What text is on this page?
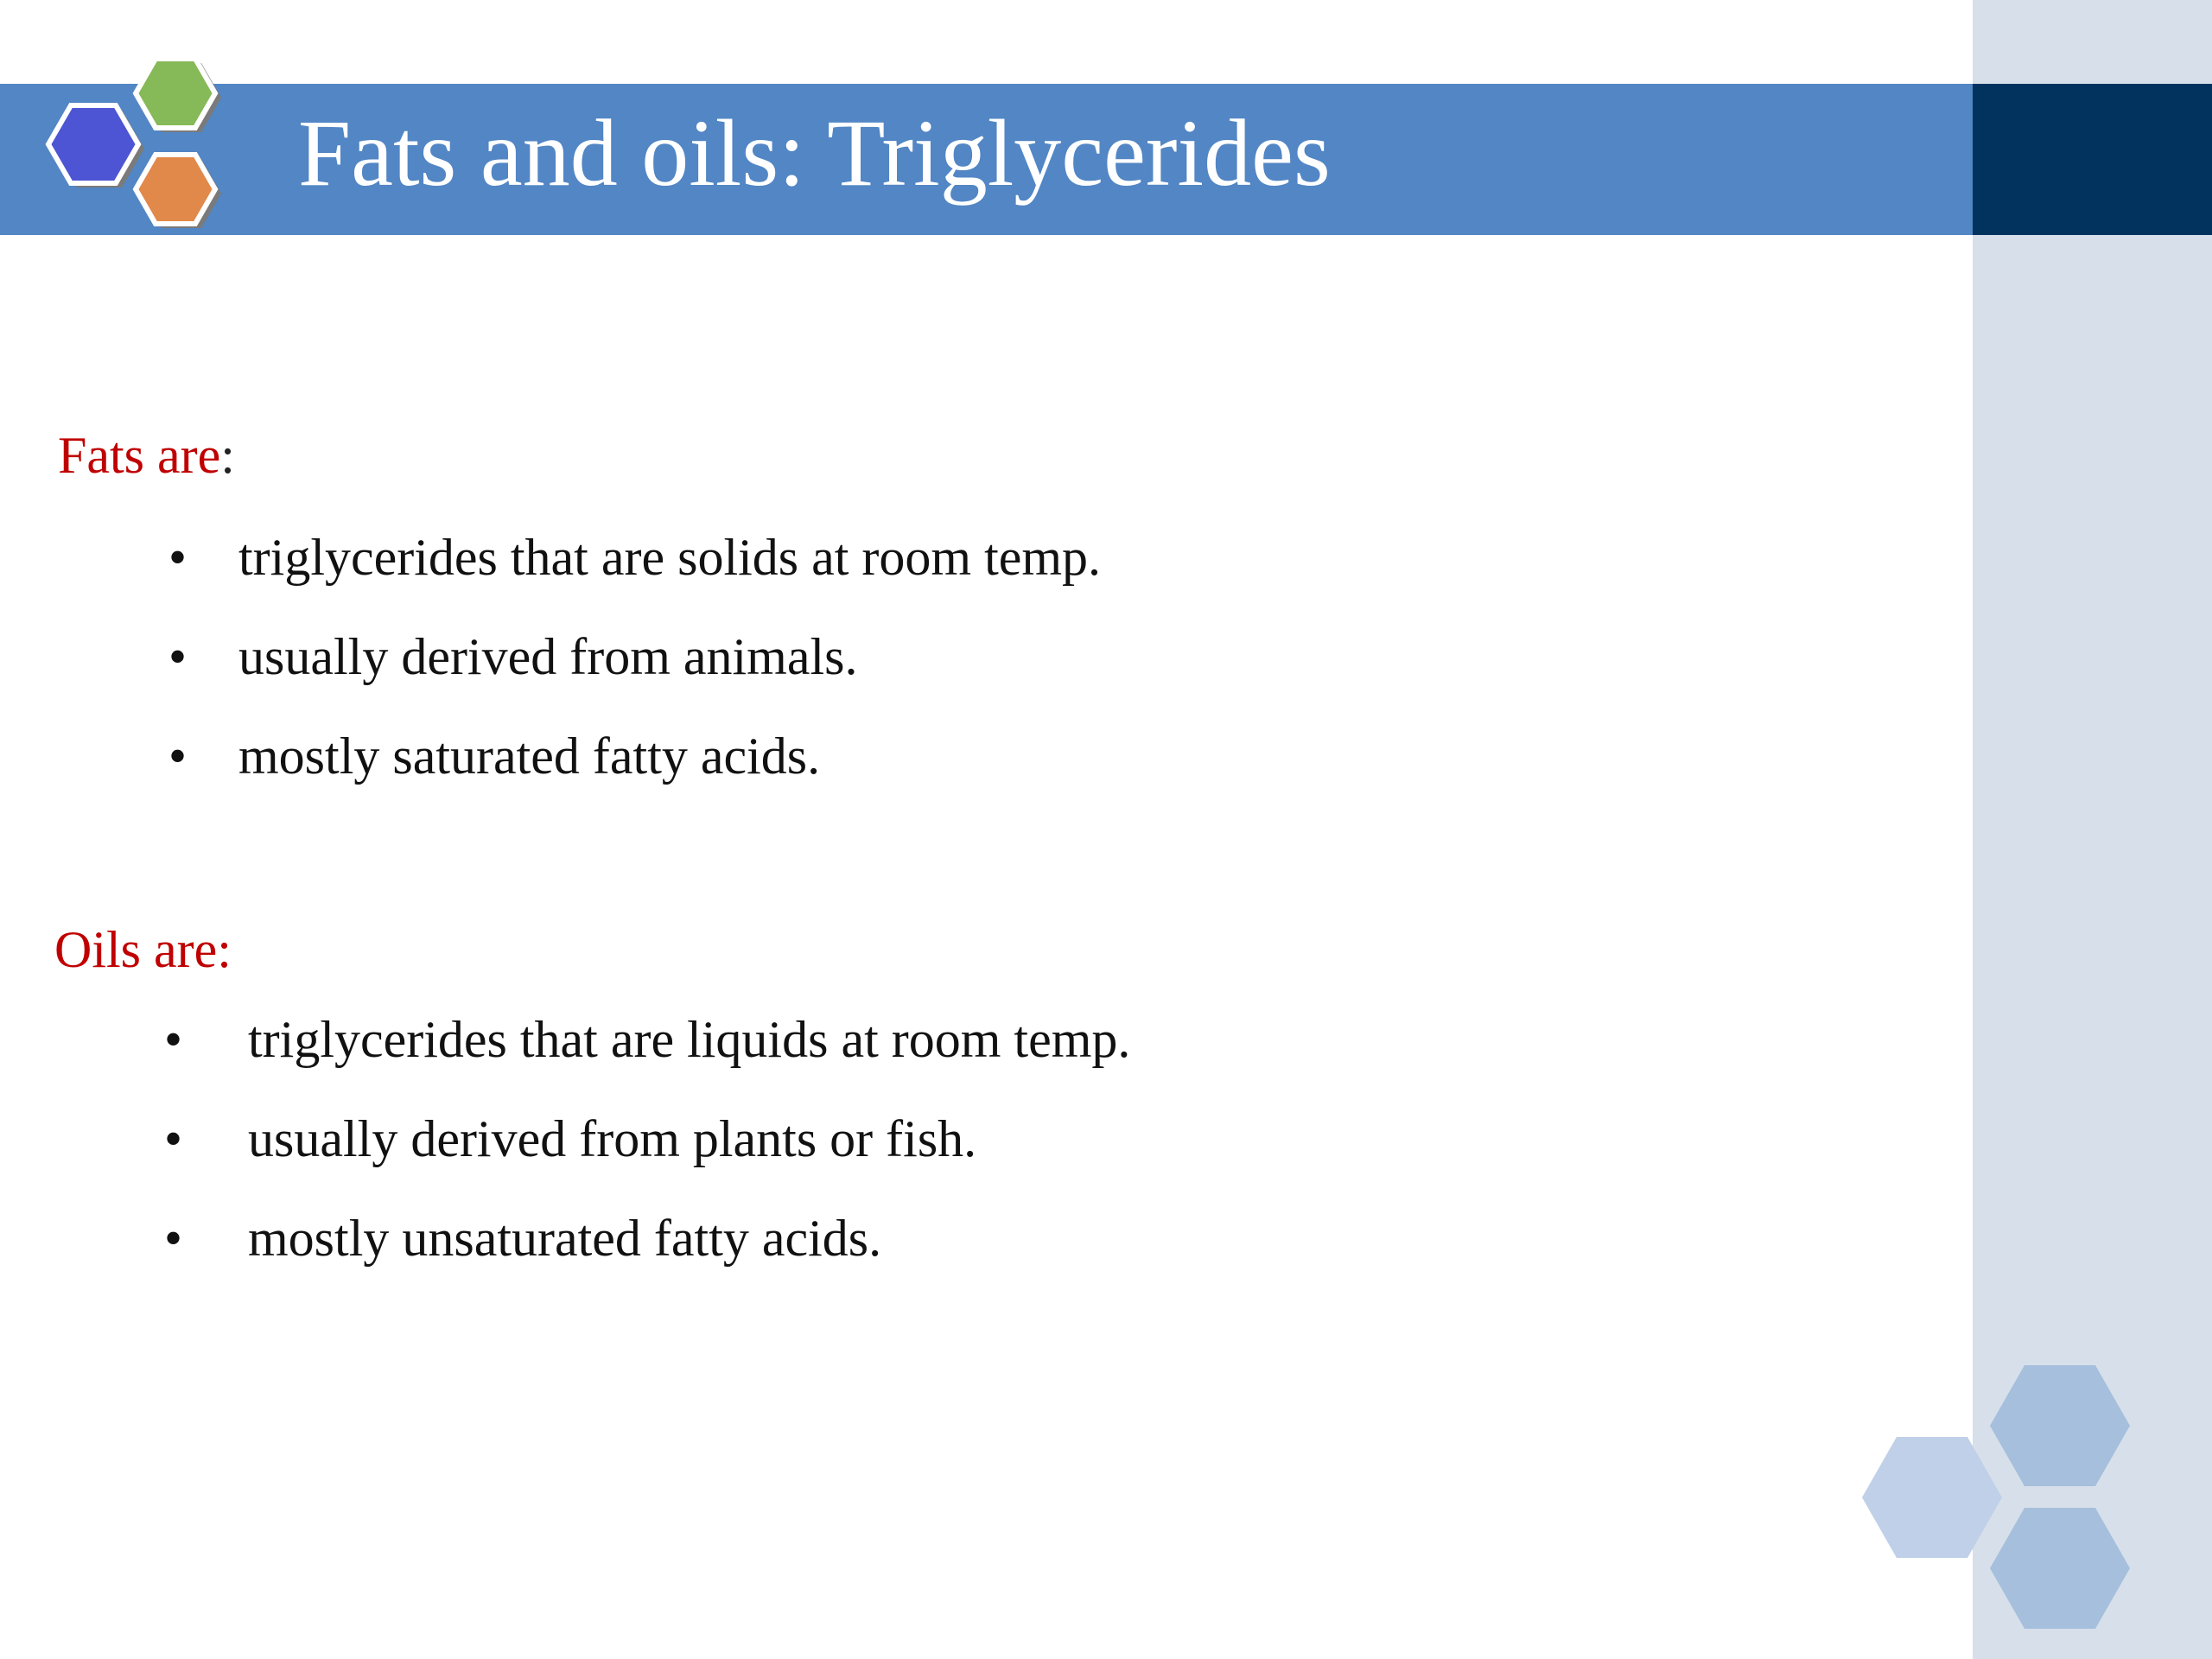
Fats and oils: Triglycerides
Fats are:
• triglycerides that are solids at room temp.
• usually derived from animals.
• mostly saturated fatty acids.
Oils are:
• triglycerides that are liquids at room temp.
• usually derived from plants or fish.
• mostly unsaturated fatty acids.
